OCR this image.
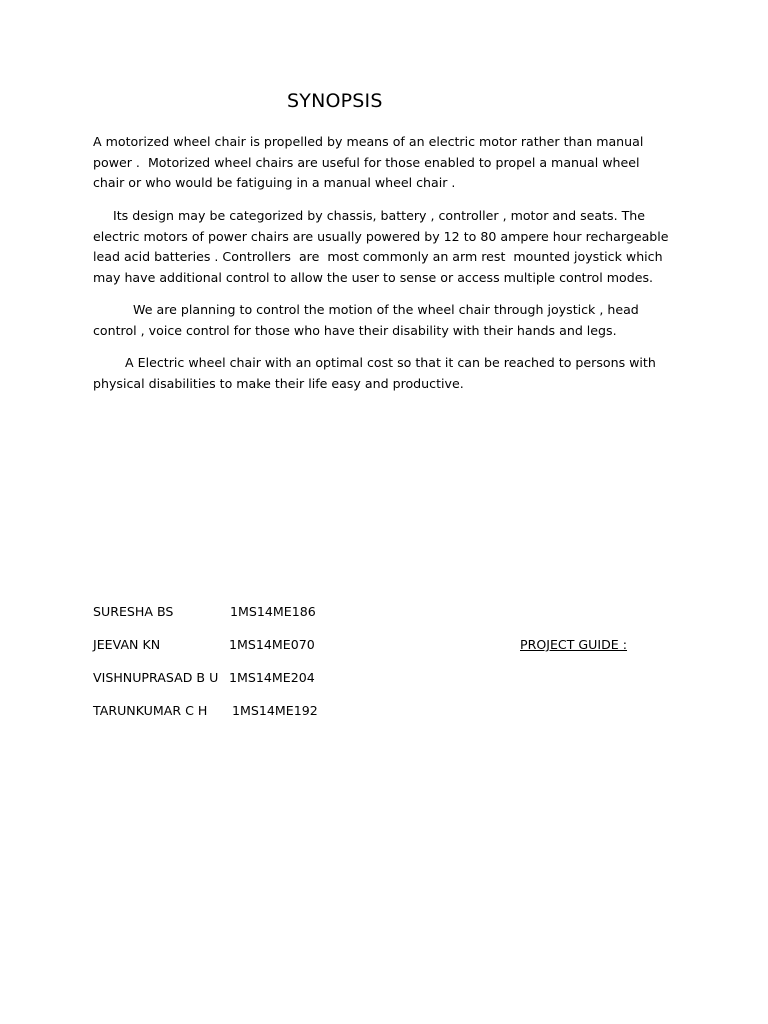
SYNOPSIS

A motorized wheel chair is propelled by means of an electric motor rather than manual
power .  Motorized wheel chairs are useful for those enabled to propel a manual wheel
chair or who would be fatiguing in a manual wheel chair .

Its design may be categorized by chassis, battery , controller , motor and seats. The
electric motors of power chairs are usually powered by 12 to 80 ampere hour rechargeable
lead acid batteries . Controllers  are  most commonly an arm rest  mounted joystick which
may have additional control to allow the user to sense or access multiple control modes.

We are planning to control the motion of the wheel chair through joystick , head
control , voice control for those who have their disability with their hands and legs.

A Electric wheel chair with an optimal cost so that it can be reached to persons with
physical disabilities to make their life easy and productive.

SURESHA BS	1MS14ME186
JEEVAN KN	1MS14ME070	PROJECT GUIDE :
VISHNUPRASAD B U 1MS14ME204
TARUNKUMAR C H 1MS14ME192
